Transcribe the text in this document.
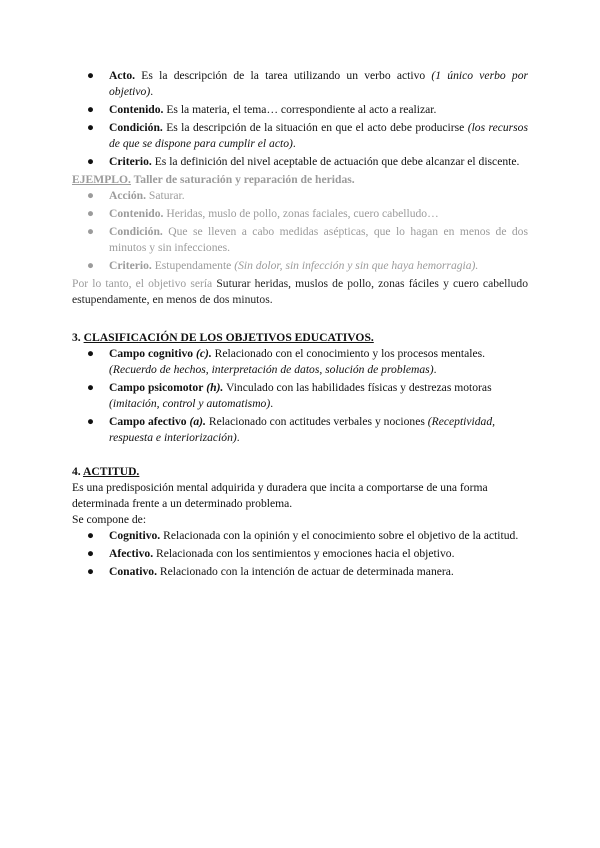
● Acto. Es la descripción de la tarea utilizando un verbo activo (1 único verbo por objetivo).
● Contenido. Es la materia, el tema… correspondiente al acto a realizar.
● Condición. Es la descripción de la situación en que el acto debe producirse (los recursos de que se dispone para cumplir el acto).
● Criterio. Es la definición del nivel aceptable de actuación que debe alcanzar el discente.

EJEMPLO. Taller de saturación y reparación de heridas.

● Acción. Saturar.
● Contenido. Heridas, muslo de pollo, zonas faciales, cuero cabelludo…
● Condición. Que se lleven a cabo medidas asépticas, que lo hagan en menos de dos minutos y sin infecciones.
● Criterio. Estupendamente (Sin dolor, sin infección y sin que haya hemorragia).

Por lo tanto, el objetivo sería Suturar heridas, muslos de pollo, zonas fáciles y cuero cabelludo estupendamente, en menos de dos minutos.

3. CLASIFICACIÓN DE LOS OBJETIVOS EDUCATIVOS.

● Campo cognitivo (c). Relacionado con el conocimiento y los procesos mentales. (Recuerdo de hechos, interpretación de datos, solución de problemas).
● Campo psicomotor (h). Vinculado con las habilidades físicas y destrezas motoras (imitación, control y automatismo).
● Campo afectivo (a). Relacionado con actitudes verbales y nociones (Receptividad, respuesta e interiorización).

4. ACTITUD.

Es una predisposición mental adquirida y duradera que incita a comportarse de una forma determinada frente a un determinado problema.

Se compone de:

● Cognitivo. Relacionada con la opinión y el conocimiento sobre el objetivo de la actitud.
● Afectivo. Relacionada con los sentimientos y emociones hacia el objetivo.
● Conativo. Relacionado con la intención de actuar de determinada manera.
